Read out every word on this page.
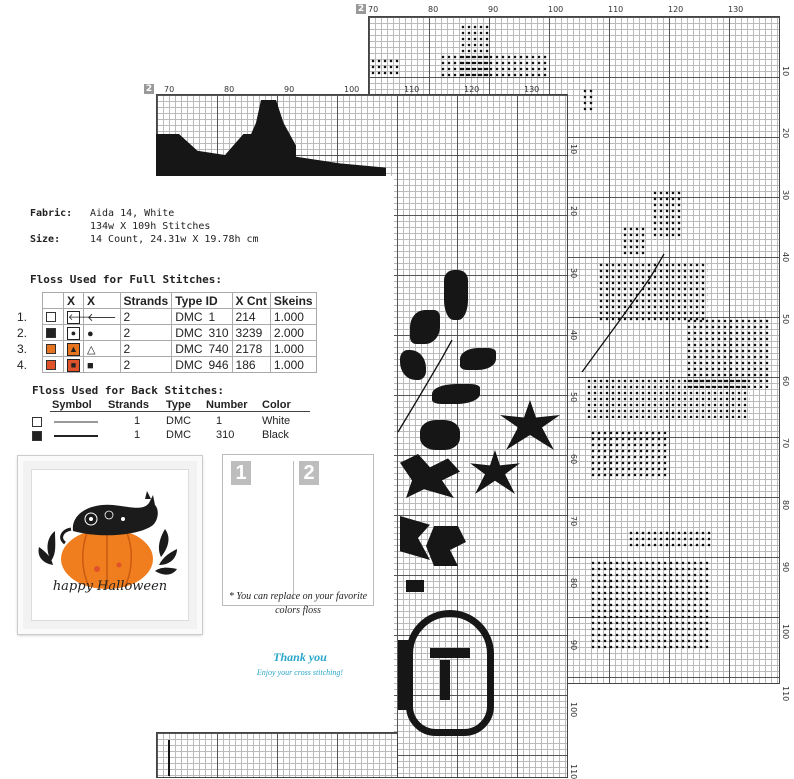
2 70	80	90	100	110	120	130
10
20
30
40
50
60
70
80
90
100
110
2 70	80	90	100	110	120	130
10
20
30
40
50
60
70
80
90
100
110
Fabric: Aida 14, White
134w X 109h Stitches
Size:	14 Count, 24.31w X 19.78h cm
Floss Used for Full Stitches:
		X	X	Strands	Type ID		X Cnt	Skeins
1.		🡐	🡐	2	DMC	1	214	1.000
2.		●	●	2	DMC	310	3239	2.000
3.		▲	△	2	DMC	740	2178	1.000
4.		■	■	2	DMC	946	186	1.000
Floss Used for Back Stitches:
Symbol Strands Type Number Color
1 DMC 1	White
1 DMC 310	Black
happy Halloween
1	2
* You can replace on your favorite colors floss
Thank you
Enjoy your cross stitching!
